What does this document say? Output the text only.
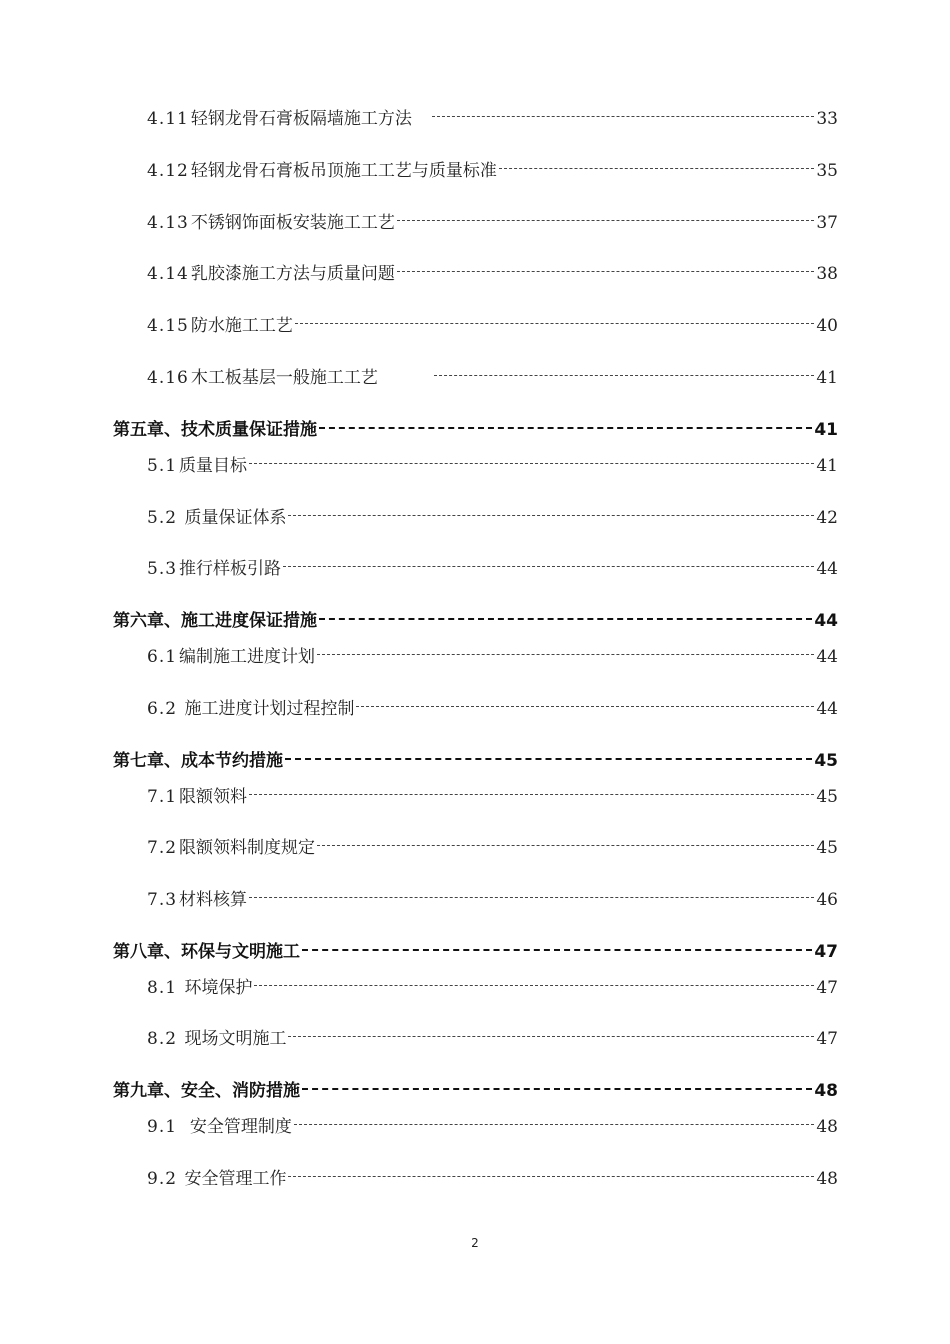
4.11 轻钢龙骨石膏板隔墙施工方法	33
4.12 轻钢龙骨石膏板吊顶施工工艺与质量标准	35
4.13 不锈钢饰面板安装施工工艺	37
4.14 乳胶漆施工方法与质量问题	38
4.15 防水施工工艺	40
4.16 木工板基层一般施工工艺	41
第五章、技术质量保证措施	41
5.1 质量目标	41
5.2 质量保证体系	42
5.3 推行样板引路	44
第六章、施工进度保证措施	44
6.1 编制施工进度计划	44
6.2 施工进度计划过程控制	44
第七章、成本节约措施	45
7.1 限额领料	45
7.2 限额领料制度规定	45
7.3 材料核算	46
第八章、环保与文明施工	47
8.1 环境保护	47
8.2 现场文明施工	47
第九章、安全、消防措施	48
9.1 安全管理制度	48
9.2 安全管理工作	48
2
